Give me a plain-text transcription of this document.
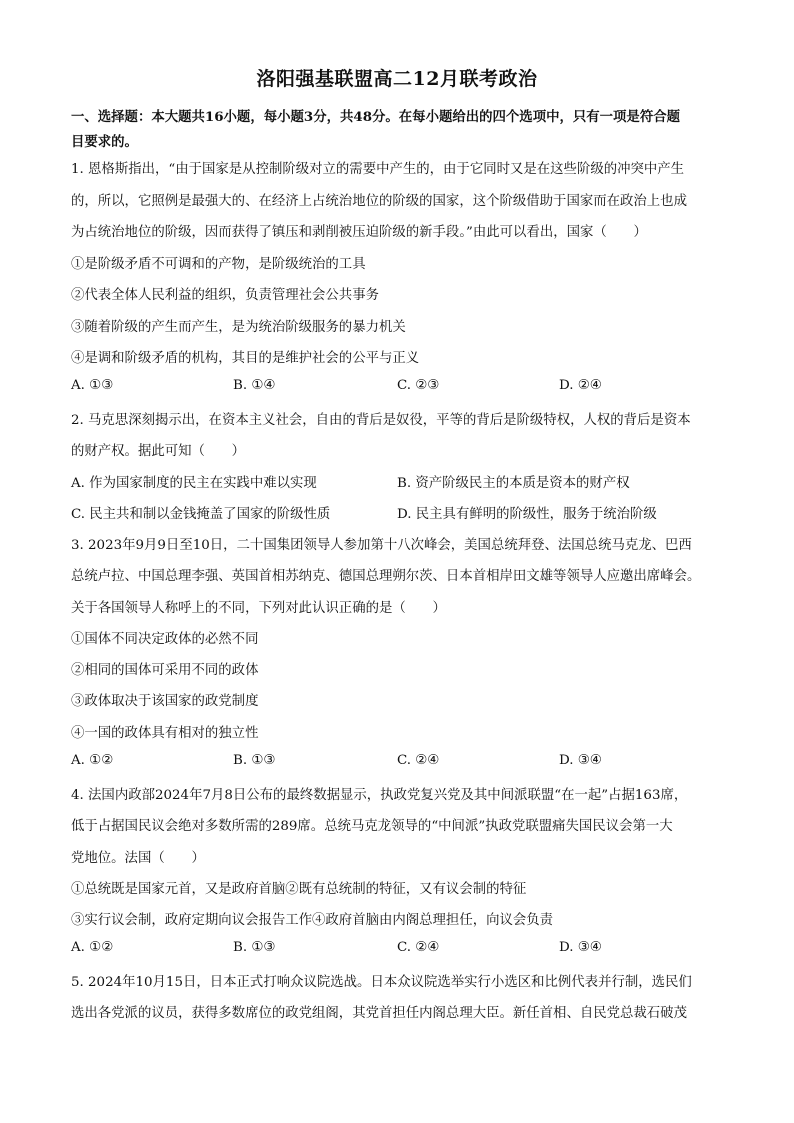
洛阳强基联盟高二12月联考政治
一、选择题：本大题共16小题，每小题3分，共48分。在每小题给出的四个选项中，只有一项是符合题
目要求的。
1. 恩格斯指出，“由于国家是从控制阶级对立的需要中产生的，由于它同时又是在这些阶级的冲突中产生
的，所以，它照例是最强大的、在经济上占统治地位的阶级的国家，这个阶级借助于国家而在政治上也成
为占统治地位的阶级，因而获得了镇压和剥削被压迫阶级的新手段。”由此可以看出，国家（　　）
①是阶级矛盾不可调和的产物，是阶级统治的工具
②代表全体人民利益的组织，负责管理社会公共事务
③随着阶级的产生而产生，是为统治阶级服务的暴力机关
④是调和阶级矛盾的机构，其目的是维护社会的公平与正义
A. ①③	B. ①④	C. ②③	D. ②④
2. 马克思深刻揭示出，在资本主义社会，自由的背后是奴役，平等的背后是阶级特权，人权的背后是资本
的财产权。据此可知（　　）
A. 作为国家制度的民主在实践中难以实现	B. 资产阶级民主的本质是资本的财产权
C. 民主共和制以金钱掩盖了国家的阶级性质	D. 民主具有鲜明的阶级性，服务于统治阶级
3. 2023年9月9日至10日，二十国集团领导人参加第十八次峰会，美国总统拜登、法国总统马克龙、巴西
总统卢拉、中国总理李强、英国首相苏纳克、德国总理朔尔茨、日本首相岸田文雄等领导人应邀出席峰会。
关于各国领导人称呼上的不同，下列对此认识正确的是（　　）
①国体不同决定政体的必然不同
②相同的国体可采用不同的政体
③政体取决于该国家的政党制度
④一国的政体具有相对的独立性
A. ①②	B. ①③	C. ②④	D. ③④
4. 法国内政部2024年7月8日公布的最终数据显示，执政党复兴党及其中间派联盟“在一起”占据163席，
低于占据国民议会绝对多数所需的289席。总统马克龙领导的“中间派”执政党联盟痛失国民议会第一大
党地位。法国（　　）
①总统既是国家元首，又是政府首脑②既有总统制的特征，又有议会制的特征
③实行议会制，政府定期向议会报告工作④政府首脑由内阁总理担任，向议会负责
A. ①②	B. ①③	C. ②④	D. ③④
5. 2024年10月15日，日本正式打响众议院选战。日本众议院选举实行小选区和比例代表并行制，选民们
选出各党派的议员，获得多数席位的政党组阁，其党首担任内阁总理大臣。新任首相、自民党总裁石破茂
